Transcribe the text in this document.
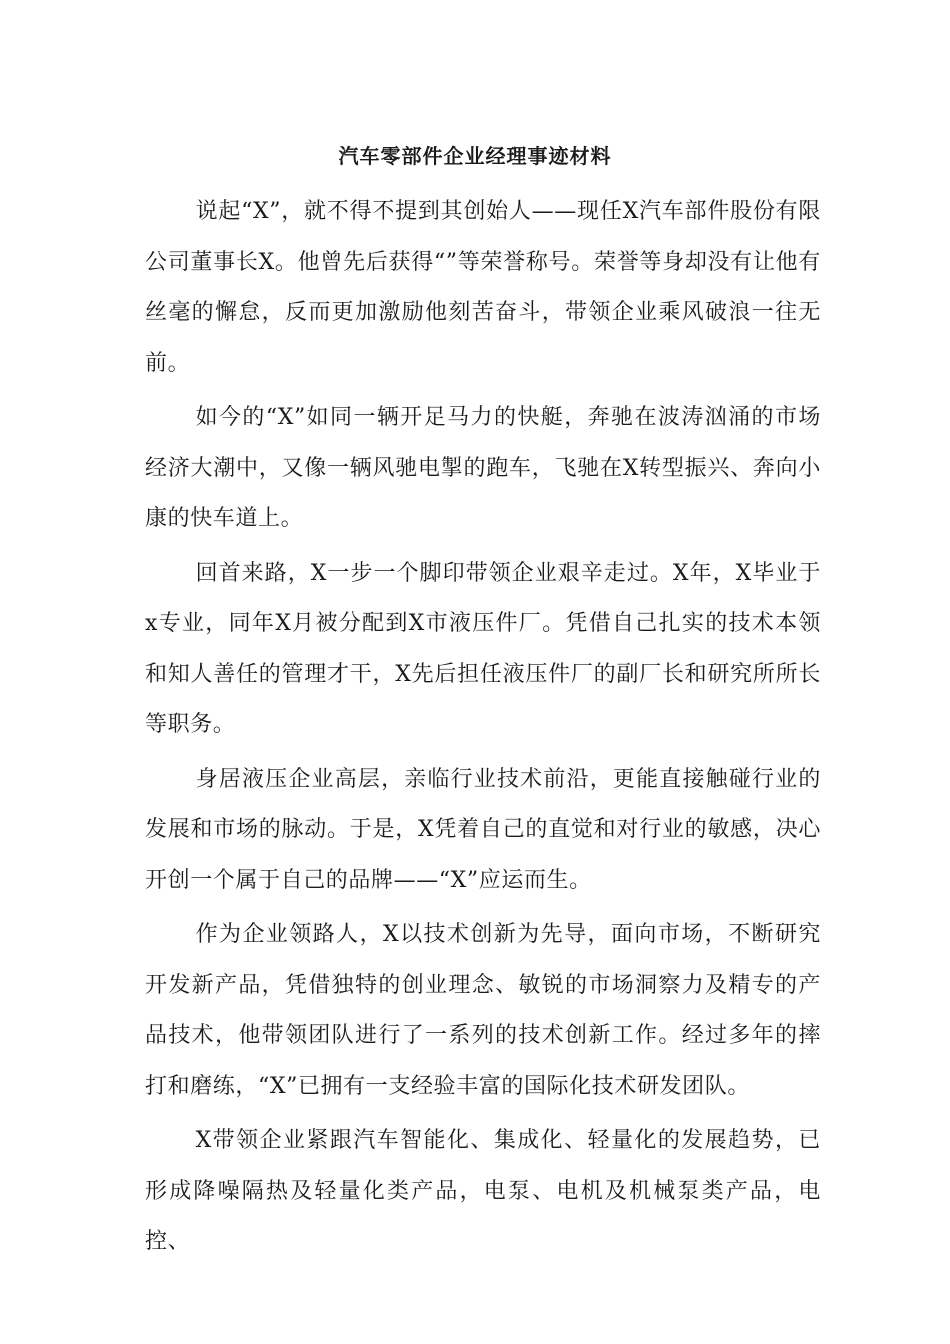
汽车零部件企业经理事迹材料

说起“X”，就不得不提到其创始人——现任X汽车部件股份有限公司董事长X。他曾先后获得“”等荣誉称号。荣誉等身却没有让他有丝毫的懈怠，反而更加激励他刻苦奋斗，带领企业乘风破浪一往无前。

如今的“X”如同一辆开足马力的快艇，奔驰在波涛汹涌的市场经济大潮中，又像一辆风驰电掣的跑车，飞驰在X转型振兴、奔向小康的快车道上。

回首来路，X一步一个脚印带领企业艰辛走过。X年，X毕业于x专业，同年X月被分配到X市液压件厂。凭借自己扎实的技术本领和知人善任的管理才干，X先后担任液压件厂的副厂长和研究所所长等职务。

身居液压企业高层，亲临行业技术前沿，更能直接触碰行业的发展和市场的脉动。于是，X凭着自己的直觉和对行业的敏感，决心开创一个属于自己的品牌——“X”应运而生。

作为企业领路人，X以技术创新为先导，面向市场，不断研究开发新产品，凭借独特的创业理念、敏锐的市场洞察力及精专的产品技术，他带领团队进行了一系列的技术创新工作。经过多年的摔打和磨练，“X”已拥有一支经验丰富的国际化技术研发团队。

X带领企业紧跟汽车智能化、集成化、轻量化的发展趋势，已形成降噪隔热及轻量化类产品，电泵、电机及机械泵类产品，电控、
